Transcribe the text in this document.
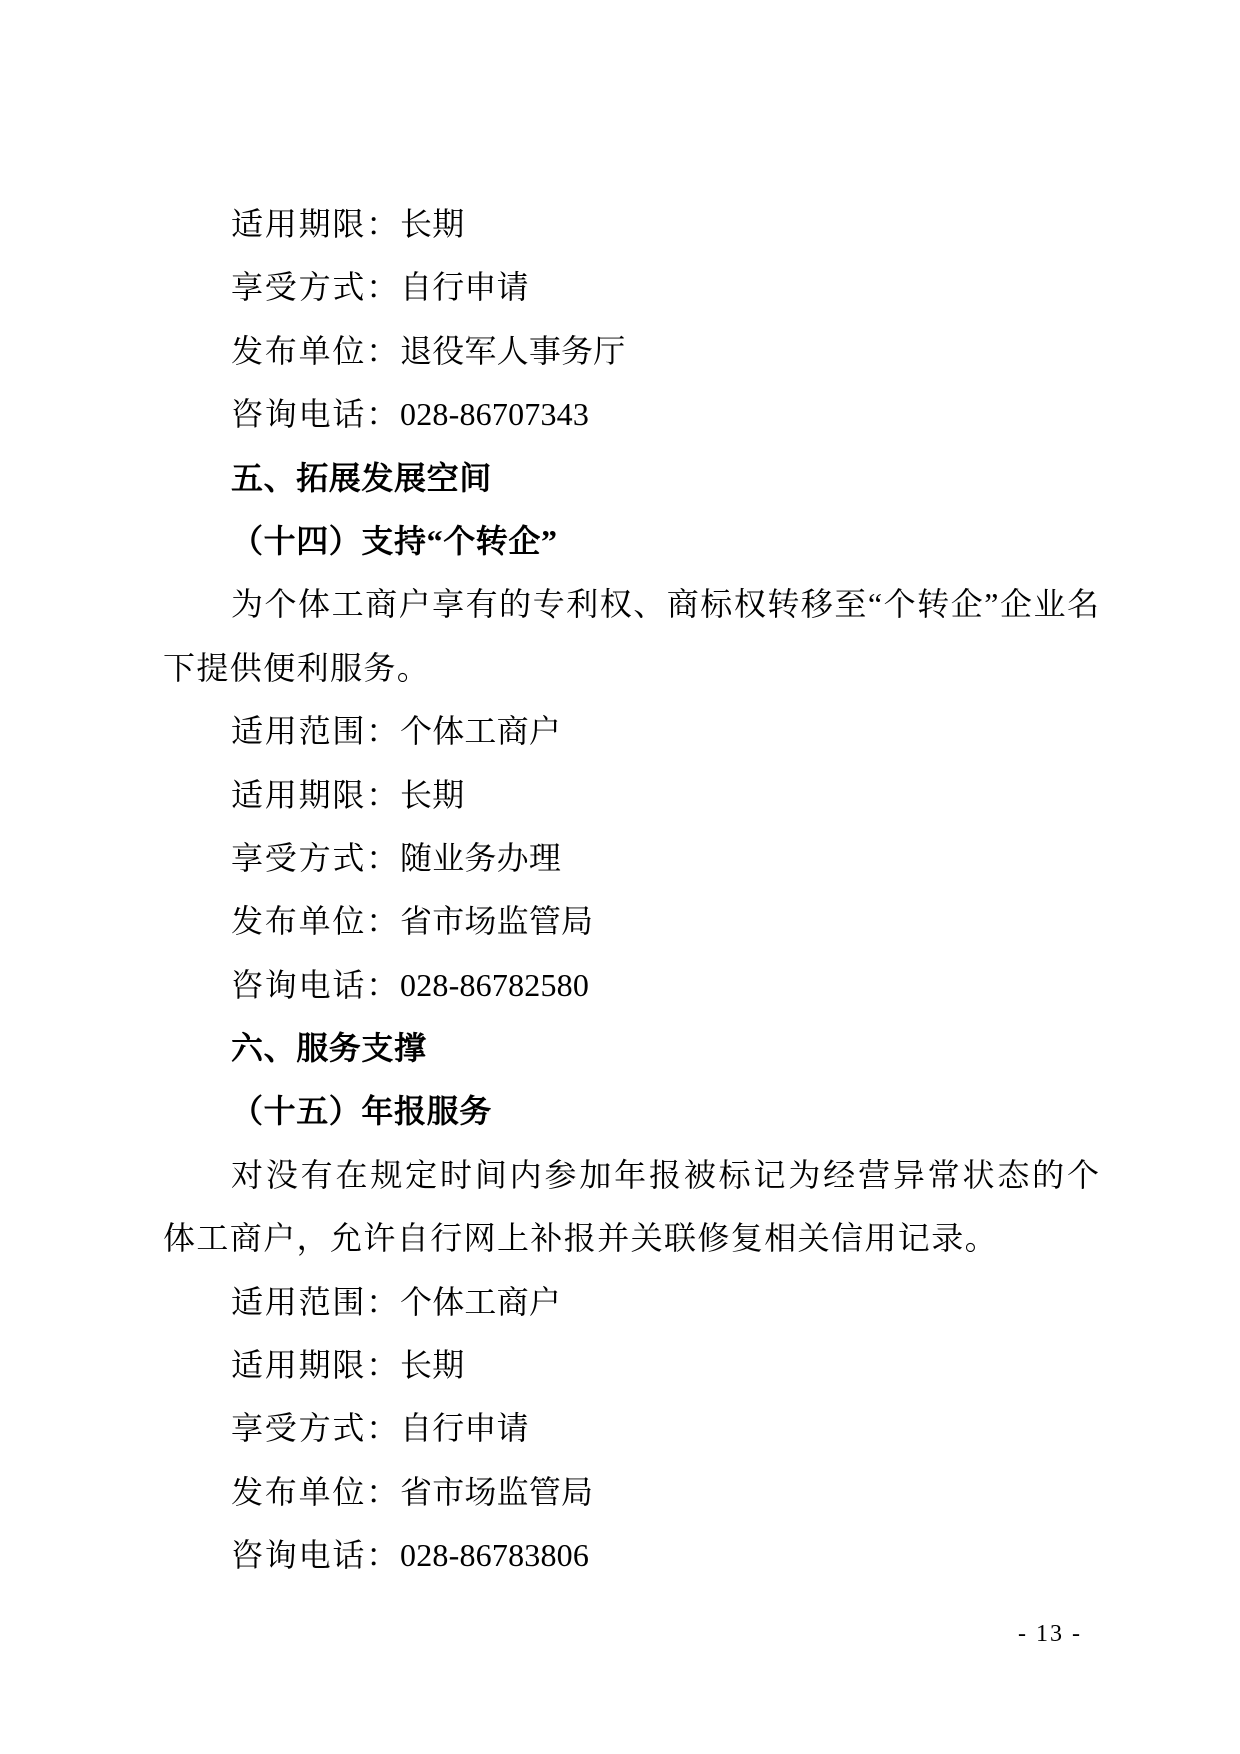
适用期限：长期
享受方式：自行申请
发布单位：退役军人事务厅
咨询电话：028-86707343
五、拓展发展空间
（十四）支持“个转企”
为个体工商户享有的专利权、商标权转移至“个转企”企业名
下提供便利服务。
适用范围：个体工商户
适用期限：长期
享受方式：随业务办理
发布单位：省市场监管局
咨询电话：028-86782580
六、服务支撑
（十五）年报服务
对没有在规定时间内参加年报被标记为经营异常状态的个
体工商户，允许自行网上补报并关联修复相关信用记录。
适用范围：个体工商户
适用期限：长期
享受方式：自行申请
发布单位：省市场监管局
咨询电话：028-86783806
- 13 -
